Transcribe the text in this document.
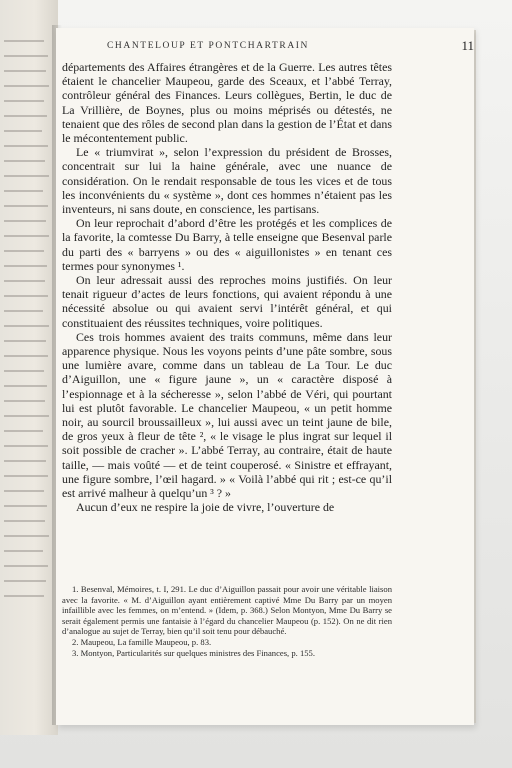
CHANTELOUP ET PONTCHARTRAIN	11

départements des Affaires étrangères et de la Guerre. Les autres têtes étaient le chancelier Maupeou, garde des Sceaux, et l’abbé Terray, contrôleur général des Finances. Leurs collègues, Bertin, le duc de La Vrillière, de Boynes, plus ou moins méprisés ou détestés, ne tenaient que des rôles de second plan dans la gestion de l’État et dans le mécontentement public.

Le « triumvirat », selon l’expression du président de Brosses, concentrait sur lui la haine générale, avec une nuance de considération. On le rendait responsable de tous les vices et de tous les inconvénients du « système », dont ces hommes n’étaient pas les inventeurs, ni sans doute, en conscience, les partisans.

On leur reprochait d’abord d’être les protégés et les complices de la favorite, la comtesse Du Barry, à telle enseigne que Besenval parle du parti des « barryens » ou des « aiguillonistes » en tenant ces termes pour synonymes ¹.

On leur adressait aussi des reproches moins justifiés. On leur tenait rigueur d’actes de leurs fonctions, qui avaient répondu à une nécessité absolue ou qui avaient servi l’intérêt général, et qui constituaient des réussites techniques, voire politiques.

Ces trois hommes avaient des traits communs, même dans leur apparence physique. Nous les voyons peints d’une pâte sombre, sous une lumière avare, comme dans un tableau de La Tour. Le duc d’Aiguillon, une « figure jaune », un « caractère disposé à l’espionnage et à la sécheresse », selon l’abbé de Véri, qui pourtant lui est plutôt favorable. Le chancelier Maupeou, « un petit homme noir, au sourcil broussailleux », lui aussi avec un teint jaune de bile, de gros yeux à fleur de tête ², « le visage le plus ingrat sur lequel il soit possible de cracher ». L’abbé Terray, au contraire, était de haute taille, — mais voûté — et de teint couperosé. « Sinistre et effrayant, une figure sombre, l’œil hagard. » « Voilà l’abbé qui rit ; est-ce qu’il est arrivé malheur à quelqu’un ³ ? »

Aucun d’eux ne respire la joie de vivre, l’ouverture de

1. Besenval, Mémoires, t. I, 291. Le duc d’Aiguillon passait pour avoir une véritable liaison avec la favorite. « M. d’Aiguillon ayant entièrement captivé Mme Du Barry par un moyen infaillible avec les femmes, on m’entend. » (Idem, p. 368.) Selon Montyon, Mme Du Barry se serait également permis une fantaisie à l’égard du chancelier Maupeou (p. 152). On ne dit rien d’analogue au sujet de Terray, bien qu’il soit tenu pour débauché.

2. Maupeou, La famille Maupeou, p. 83.

3. Montyon, Particularités sur quelques ministres des Finances, p. 155.
